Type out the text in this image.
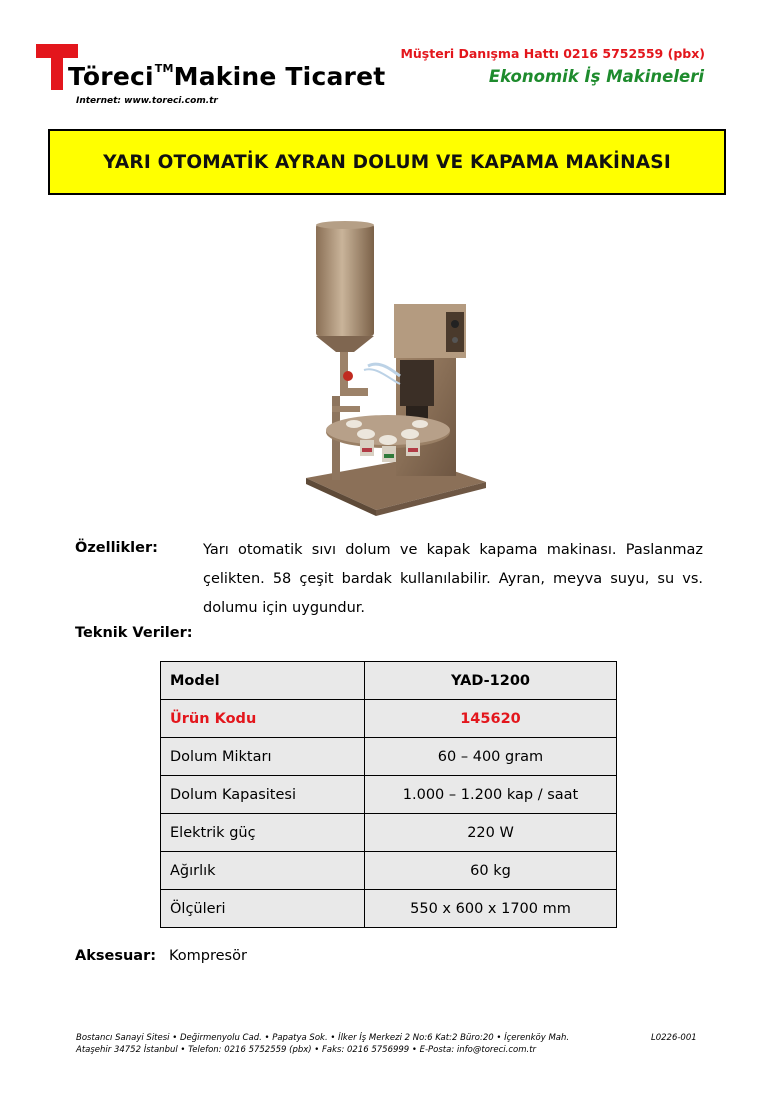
Töreci™Makine Ticaret
Internet: www.toreci.com.tr
Müşteri Danışma Hattı 0216 5752559 (pbx)
Ekonomik İş Makineleri
YARI OTOMATİK AYRAN DOLUM VE KAPAMA MAKİNASI
Özellikler:	Yarı otomatik sıvı dolum ve kapak kapama makinası. Paslanmaz çelikten. 58 çeşit bardak kullanılabilir. Ayran, meyva suyu, su vs. dolumu için uygundur.
Teknik Veriler:
Model	YAD-1200
Ürün Kodu	145620
Dolum Miktarı	60 – 400 gram
Dolum Kapasitesi	1.000 – 1.200 kap / saat
Elektrik güç	220 W
Ağırlık	60 kg
Ölçüleri	550 x 600 x 1700 mm
Aksesuar: Kompresör
Bostancı Sanayi Sitesi • Değirmenyolu Cad. • Papatya Sok. • İlker İş Merkezi 2 No:6 Kat:2 Büro:20 • İçerenköy Mah.
Ataşehir 34752 İstanbul • Telefon: 0216 5752559 (pbx) • Faks: 0216 5756999 • E-Posta: info@toreci.com.tr
L0226-001
